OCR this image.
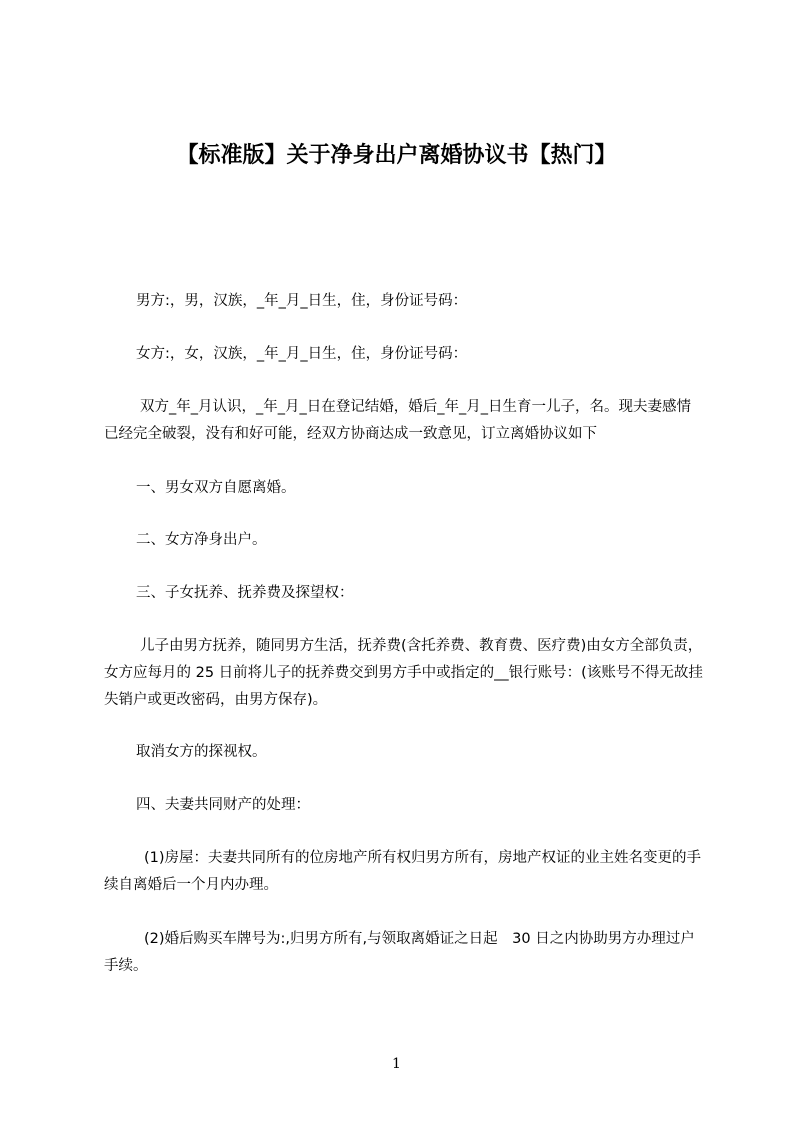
【标准版】关于净身出户离婚协议书【热门】
男方:，男，汉族，_年_月_日生，住，身份证号码：
女方:，女，汉族，_年_月_日生，住，身份证号码：
双方_年_月认识，_年_月_日在登记结婚，婚后_年_月_日生育一儿子，名。现夫妻感情已经完全破裂，没有和好可能，经双方协商达成一致意见，订立离婚协议如下
一、男女双方自愿离婚。
二、女方净身出户。
三、子女抚养、抚养费及探望权：
儿子由男方抚养，随同男方生活，抚养费(含托养费、教育费、医疗费)由女方全部负责，女方应每月的 25 日前将儿子的抚养费交到男方手中或指定的__银行账号：(该账号不得无故挂失销户或更改密码，由男方保存)。
取消女方的探视权。
四、夫妻共同财产的处理：
(1)房屋：夫妻共同所有的位房地产所有权归男方所有，房地产权证的业主姓名变更的手续自离婚后一个月内办理。
(2)婚后购买车牌号为:,归男方所有,与领取离婚证之日起　30 日之内协助男方办理过户手续。
1
